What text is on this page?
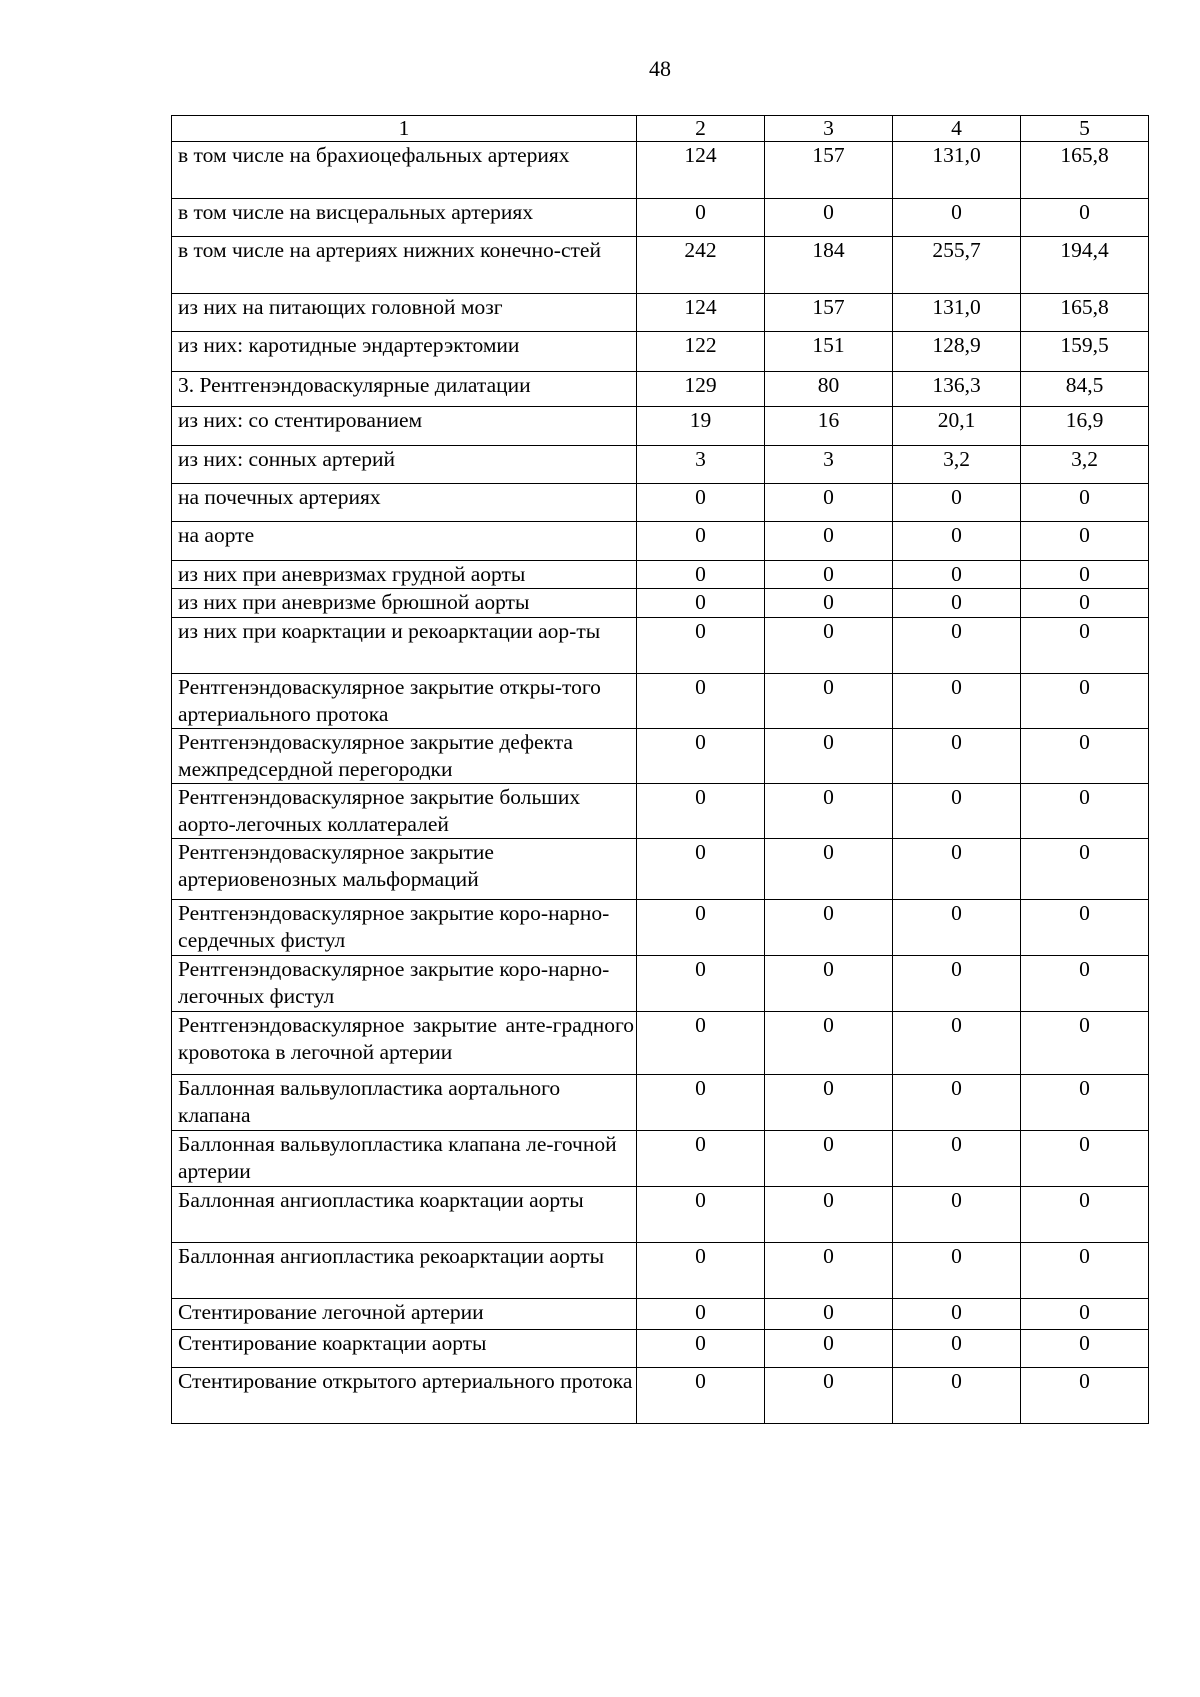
48
1	2	3	4	5
в том числе на брахиоцефальных артериях	124	157	131,0	165,8
в том числе на висцеральных артериях	0	0	0	0
в том числе на артериях нижних конечно-стей	242	184	255,7	194,4
из них на питающих головной мозг	124	157	131,0	165,8
из них: каротидные эндартерэктомии	122	151	128,9	159,5
3. Рентгенэндоваскулярные дилатации	129	80	136,3	84,5
из них: со стентированием	19	16	20,1	16,9
из них: сонных артерий	3	3	3,2	3,2
на почечных артериях	0	0	0	0
на аорте	0	0	0	0
из них при аневризмах грудной аорты	0	0	0	0
из них при аневризме брюшной аорты	0	0	0	0
из них при коарктации и рекоарктации аор-ты	0	0	0	0
Рентгенэндоваскулярное закрытие откры-того артериального протока	0	0	0	0
Рентгенэндоваскулярное закрытие дефекта межпредсердной перегородки	0	0	0	0
Рентгенэндоваскулярное закрытие больших аорто-легочных коллатералей	0	0	0	0
Рентгенэндоваскулярное закрытие артериовенозных мальформаций	0	0	0	0
Рентгенэндоваскулярное закрытие коро-нарно-сердечных фистул	0	0	0	0
Рентгенэндоваскулярное закрытие коро-нарно-легочных фистул	0	0	0	0
Рентгенэндоваскулярное закрытие анте-градного кровотока в легочной артерии	0	0	0	0
Баллонная вальвулопластика аортального клапана	0	0	0	0
Баллонная вальвулопластика клапана ле-гочной артерии	0	0	0	0
Баллонная ангиопластика коарктации аорты	0	0	0	0
Баллонная ангиопластика рекоарктации аорты	0	0	0	0
Стентирование легочной артерии	0	0	0	0
Стентирование коарктации аорты	0	0	0	0
Стентирование открытого артериального протока	0	0	0	0
